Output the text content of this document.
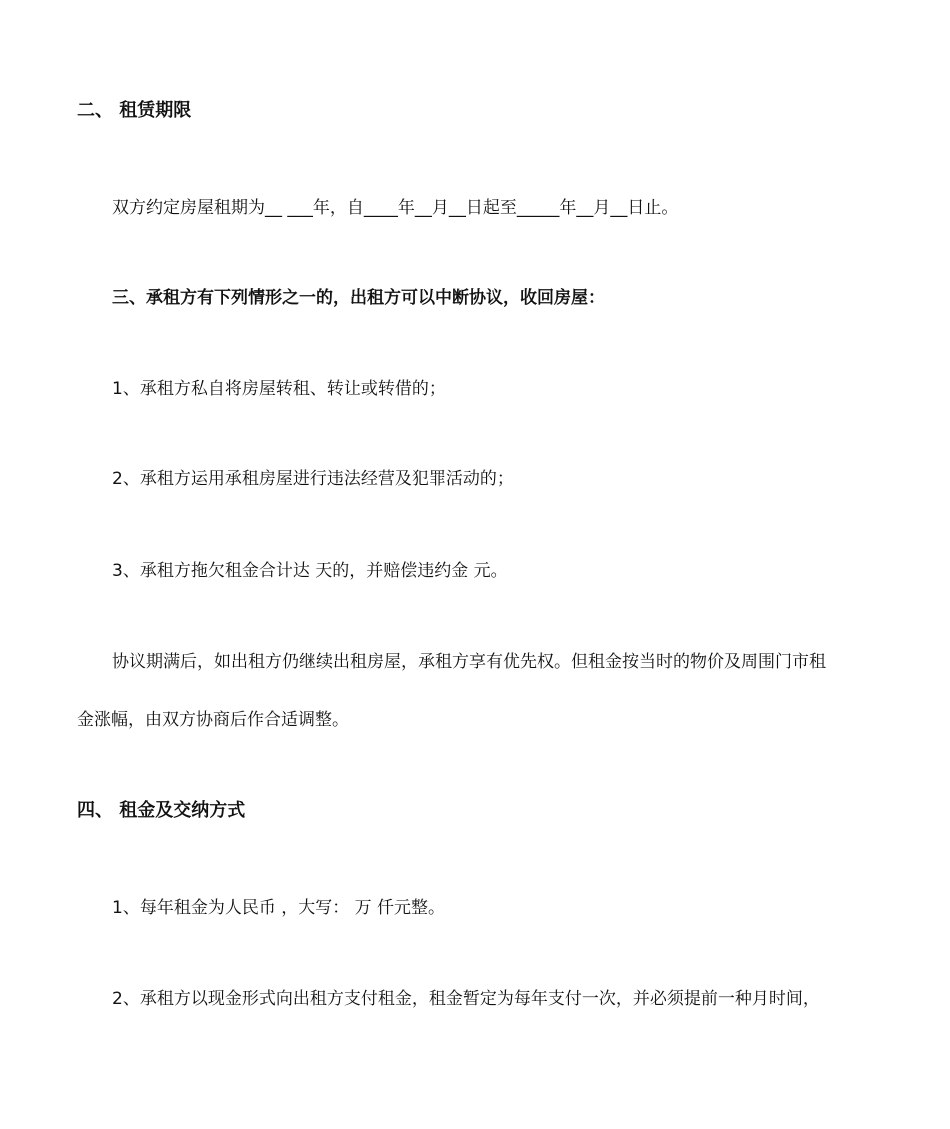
二、 租赁期限
双方约定房屋租期为__ ___年，自____年__月__日起至_____年__月__日止。
三、承租方有下列情形之一的，出租方可以中断协议，收回房屋：
1、承租方私自将房屋转租、转让或转借的；
2、承租方运用承租房屋进行违法经营及犯罪活动的；
3、承租方拖欠租金合计达 天的，并赔偿违约金 元。
协议期满后，如出租方仍继续出租房屋，承租方享有优先权。但租金按当时的物价及周围门市租
金涨幅，由双方协商后作合适调整。
四、 租金及交纳方式
1、每年租金为人民币 ，大写： 万 仟元整。
2、承租方以现金形式向出租方支付租金，租金暂定为每年支付一次，并必须提前一种月时间，
